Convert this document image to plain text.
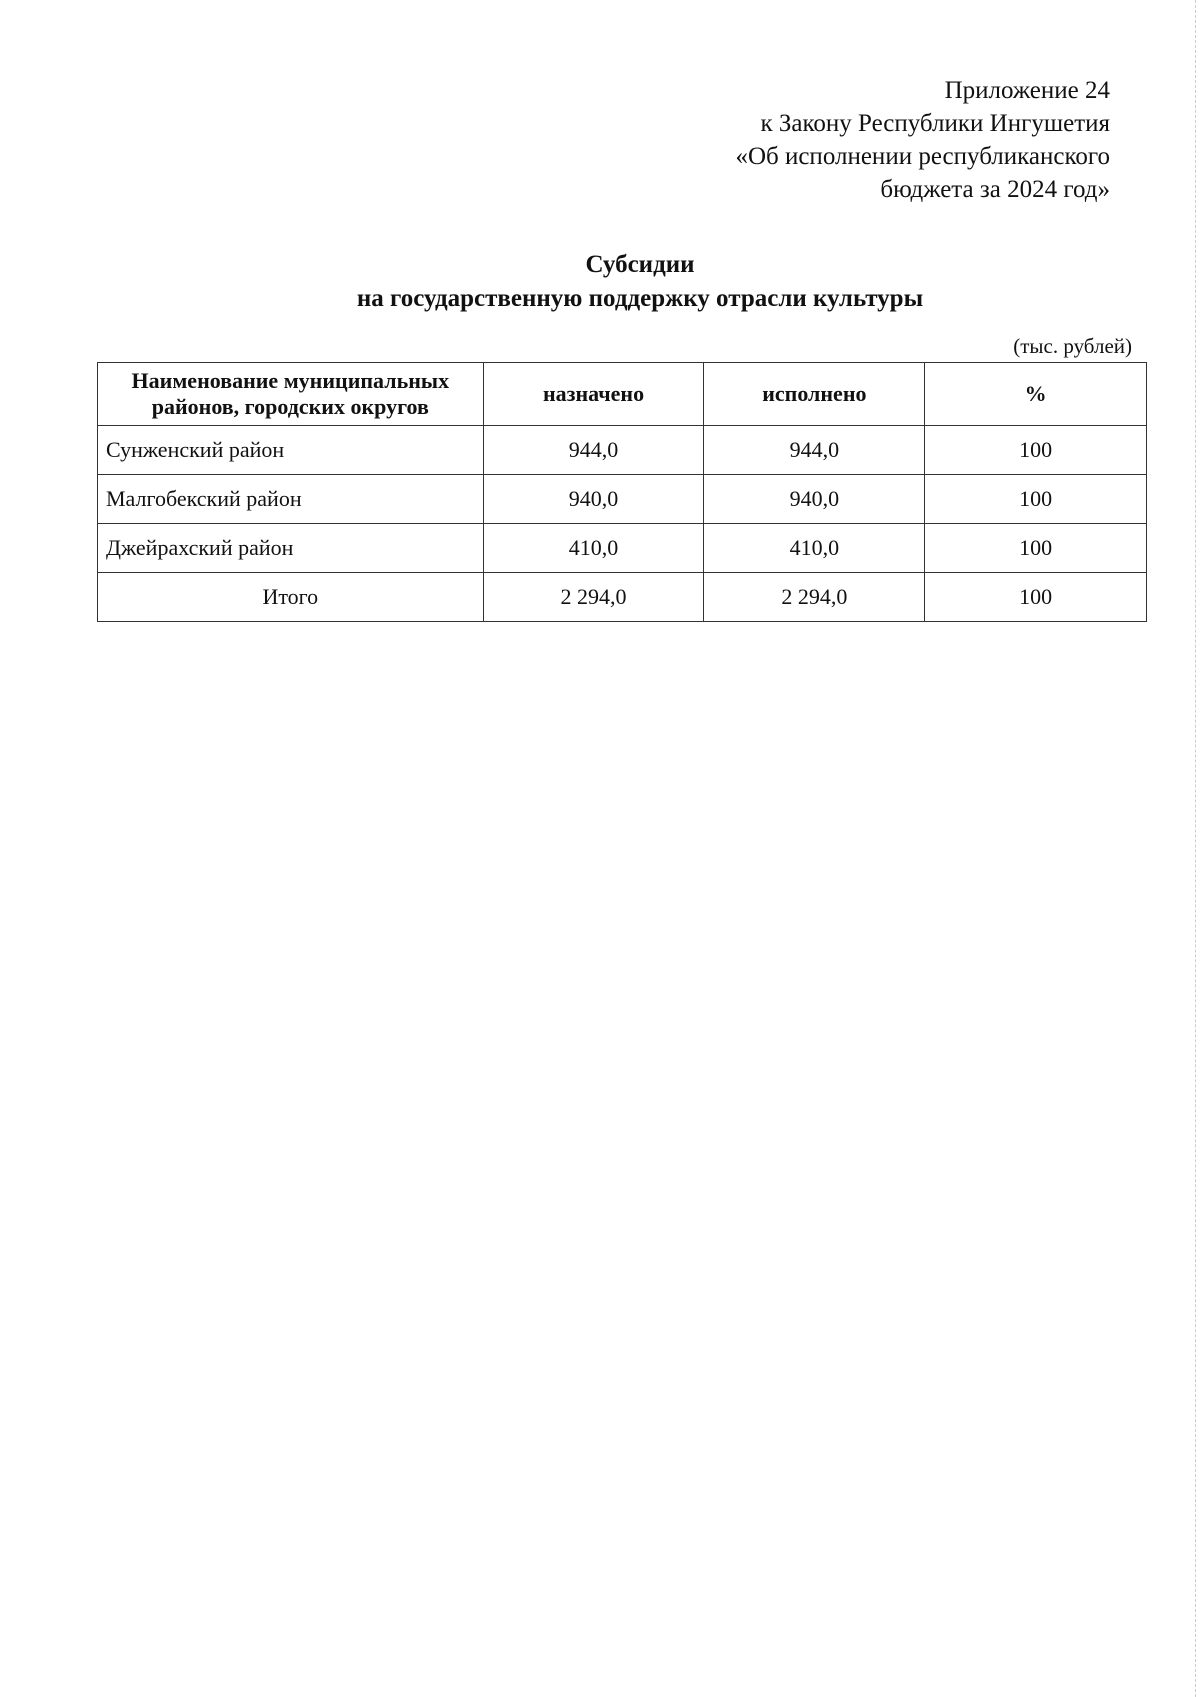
Приложение 24
к Закону Республики Ингушетия
«Об исполнении республиканского
бюджета за 2024 год»
Субсидии
на государственную поддержку отрасли культуры
(тыс. рублей)
Наименование муниципальных районов, городских округов	назначено	исполнено	%
Сунженский район	944,0	944,0	100
Малгобекский район	940,0	940,0	100
Джейрахский район	410,0	410,0	100
Итого	2 294,0	2 294,0	100
